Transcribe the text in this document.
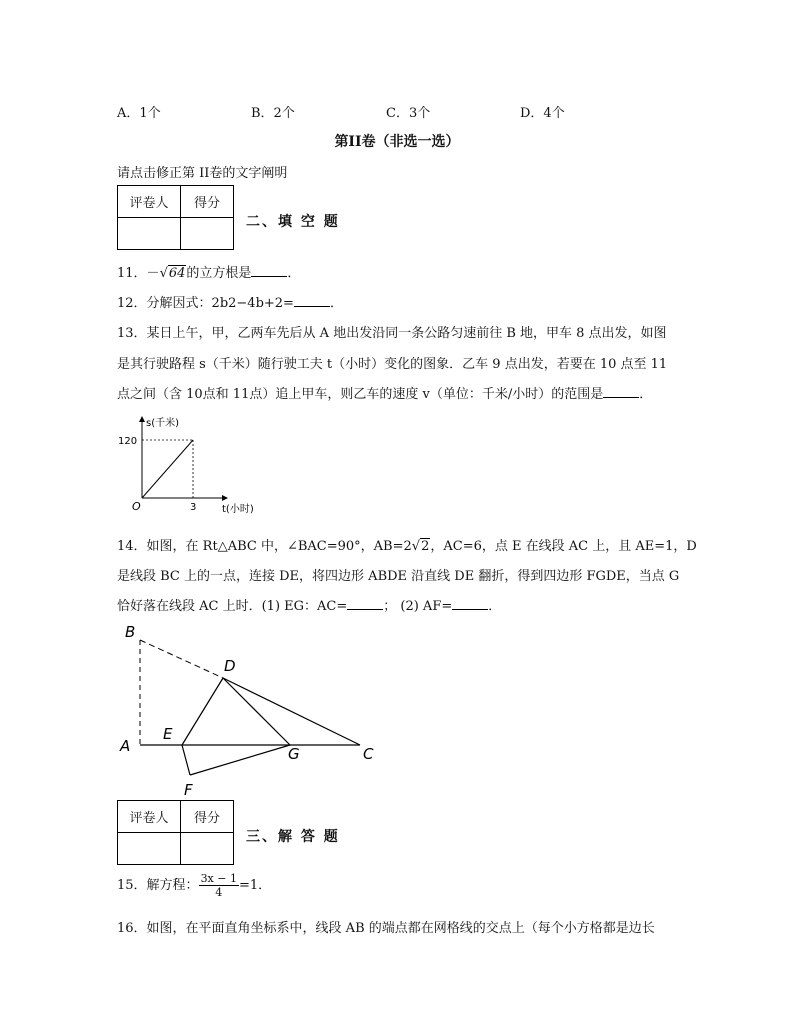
A．1个	B．2个	C．3个	D．4个
第II卷（非选一选）
请点击修正第 II卷的文字阐明
评卷人	得分

二、填 空 题
11．－√64的立方根是	．
12．分解因式：2b2−4b+2=	．
13．某日上午，甲，乙两车先后从 A 地出发沿同一条公路匀速前往 B 地，甲车 8 点出发，如图
是其行驶路程 s（千米）随行驶工夫 t（小时）变化的图象．乙车 9 点出发，若要在 10 点至 11
点之间（含 10点和 11点）追上甲车，则乙车的速度 v（单位：千米/小时）的范围是	．
s(千米)
120
3
O	t(小时)
14．如图，在 Rt△ABC 中，∠BAC=90°，AB=2√2，AC=6，点 E 在线段 AC 上，且 AE=1，D
是线段 BC 上的一点，连接 DE，将四边形 ABDE 沿直线 DE 翻折，得到四边形 FGDE，当点 G
恰好落在线段 AC 上时．(1) EG：AC=	； (2) AF=	．
B
D
E
A	G	C
F
评卷人	得分

三、解 答 题
15．解方程： $\frac{3x - 1}{4} =1$．
16．如图，在平面直角坐标系中，线段 AB 的端点都在网格线的交点上（每个小方格都是边长
